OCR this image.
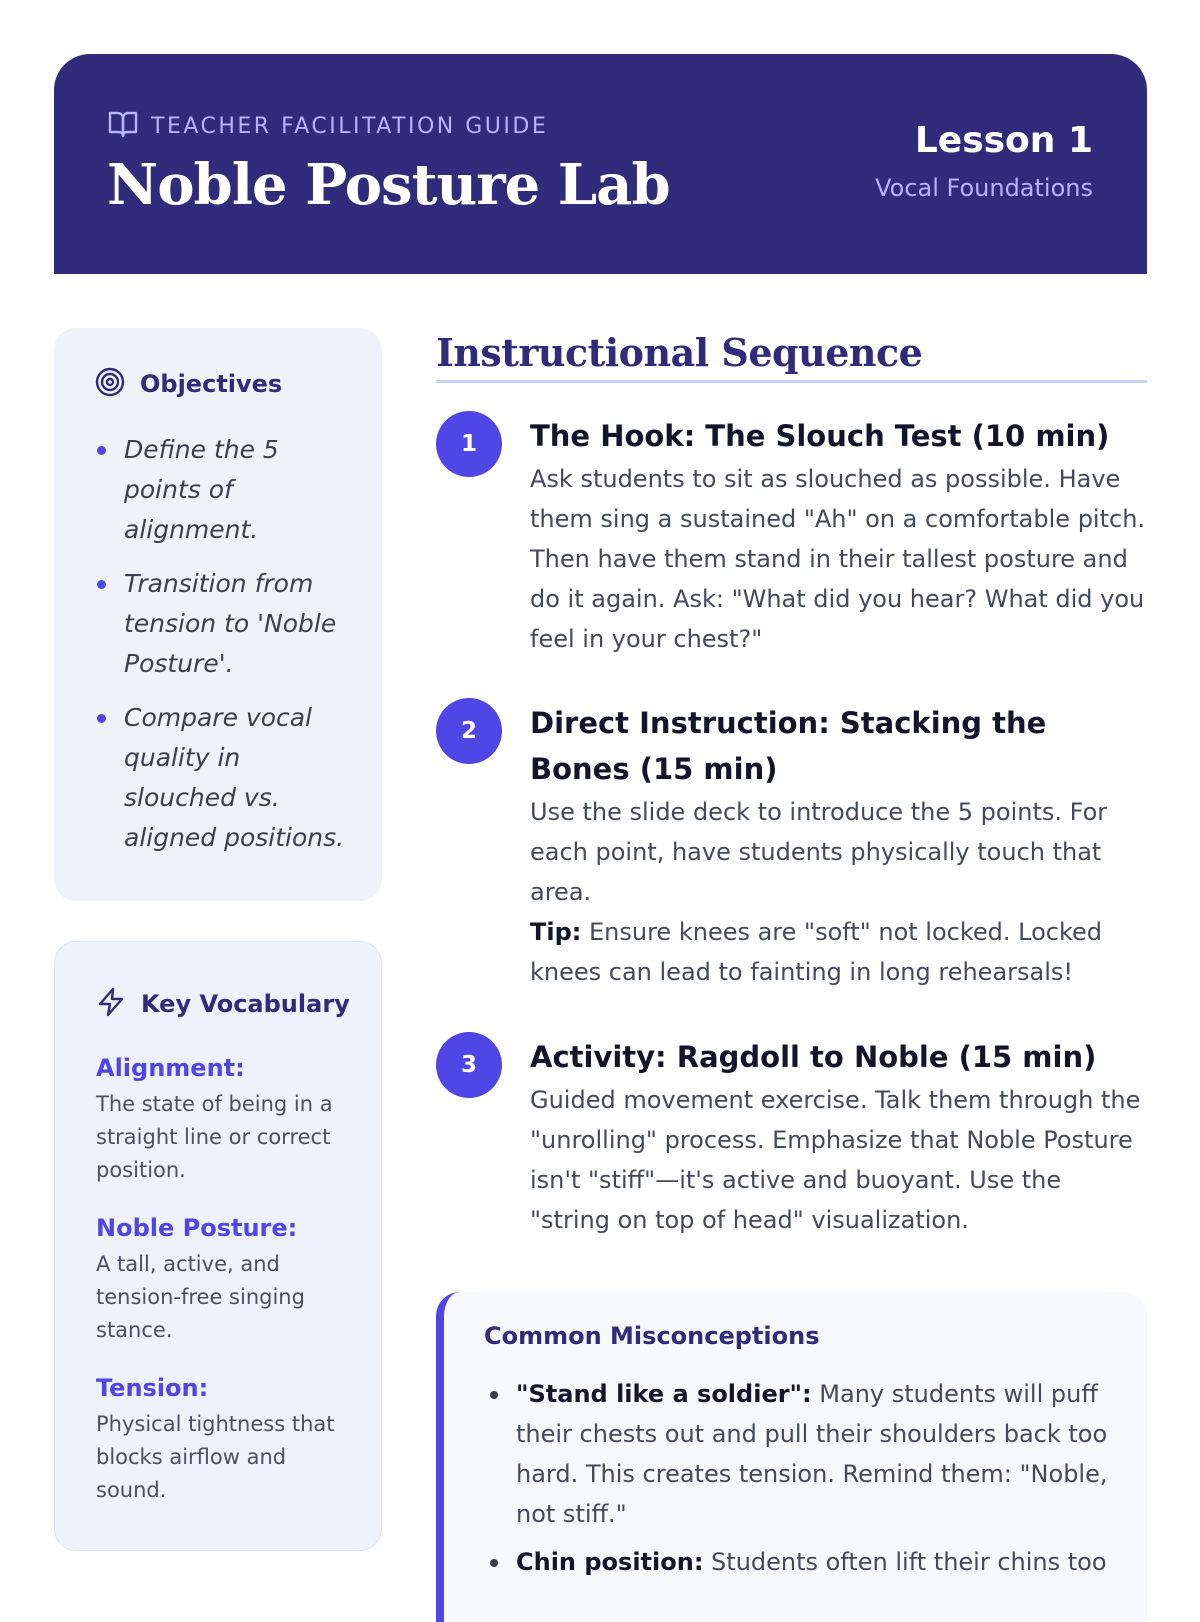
TEACHER FACILITATION GUIDE
Noble Posture Lab
Lesson 1
Vocal Foundations
Objectives
Define the 5 points of alignment.
Transition from tension to 'Noble Posture'.
Compare vocal quality in slouched vs. aligned positions.
Key Vocabulary

Alignment:

The state of being in a straight line or correct position.

Noble Posture:

A tall, active, and tension-free singing stance.

Tension:

Physical tightness that blocks airflow and sound.

Instructional Sequence
1	The Hook: The Slouch Test (10 min)

Ask students to sit as slouched as possible. Have them sing a sustained "Ah" on a comfortable pitch. Then have them stand in their tallest posture and do it again. Ask: "What did you hear? What did you feel in your chest?"

2	Direct Instruction: Stacking the Bones (15 min)

Use the slide deck to introduce the 5 points. For each point, have students physically touch that area.

Tip: Ensure knees are "soft" not locked. Locked knees can lead to fainting in long rehearsals!

3	Activity: Ragdoll to Noble (15 min)

Guided movement exercise. Talk them through the "unrolling" process. Emphasize that Noble Posture isn't "stiff"—it's active and buoyant. Use the "string on top of head" visualization.

Common Misconceptions
"Stand like a soldier": Many students will puff their chests out and pull their shoulders back too hard. This creates tension. Remind them: "Noble, not stiff."
Chin position: Students often lift their chins too
